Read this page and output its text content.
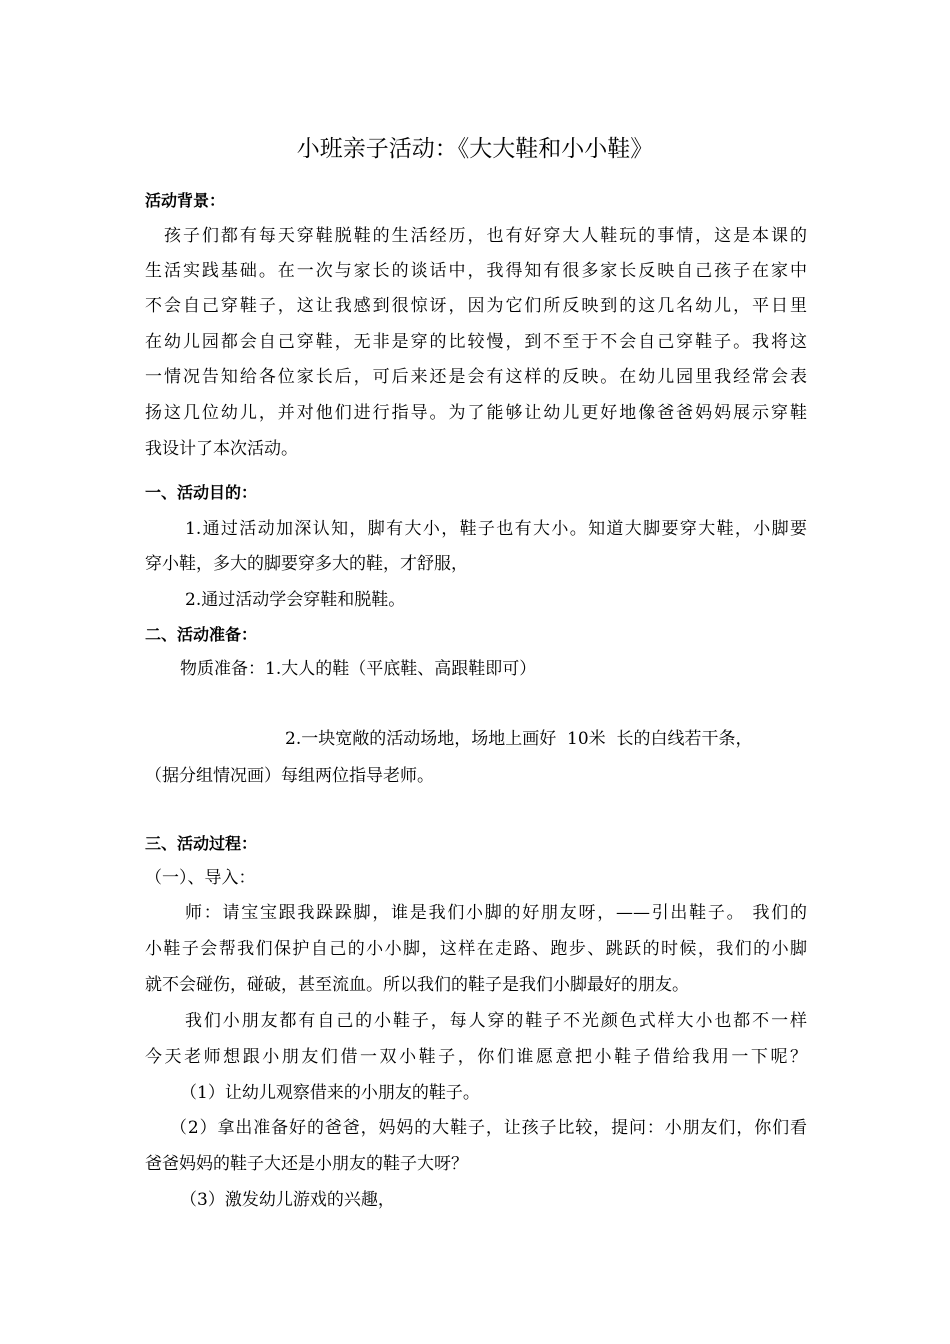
小班亲子活动：《大大鞋和小小鞋》
活动背景：
孩子们都有每天穿鞋脱鞋的生活经历，也有好穿大人鞋玩的事情，这是本课的
生活实践基础。在一次与家长的谈话中，我得知有很多家长反映自己孩子在家中
不会自己穿鞋子，这让我感到很惊讶，因为它们所反映到的这几名幼儿，平日里
在幼儿园都会自己穿鞋，无非是穿的比较慢，到不至于不会自己穿鞋子。我将这
一情况告知给各位家长后，可后来还是会有这样的反映。在幼儿园里我经常会表
扬这几位幼儿，并对他们进行指导。为了能够让幼儿更好地像爸爸妈妈展示穿鞋
我设计了本次活动。
一、活动目的：
1.通过活动加深认知，脚有大小，鞋子也有大小。知道大脚要穿大鞋，小脚要
穿小鞋，多大的脚要穿多大的鞋，才舒服，
2.通过活动学会穿鞋和脱鞋。
二、活动准备：
物质准备：1.大人的鞋（平底鞋、高跟鞋即可）
2.一块宽敞的活动场地，场地上画好  10米  长的白线若干条，
（据分组情况画）每组两位指导老师。
三、活动过程：
（一）、导入：
师：请宝宝跟我跺跺脚，谁是我们小脚的好朋友呀，——引出鞋子。 我们的
小鞋子会帮我们保护自己的小小脚，这样在走路、跑步、跳跃的时候，我们的小脚
就不会碰伤，碰破，甚至流血。所以我们的鞋子是我们小脚最好的朋友。
我们小朋友都有自己的小鞋子，每人穿的鞋子不光颜色式样大小也都不一样
今天老师想跟小朋友们借一双小鞋子，你们谁愿意把小鞋子借给我用一下呢？
（1）让幼儿观察借来的小朋友的鞋子。
（2）拿出准备好的爸爸，妈妈的大鞋子，让孩子比较，提问：小朋友们，你们看
爸爸妈妈的鞋子大还是小朋友的鞋子大呀？
（3）激发幼儿游戏的兴趣，
